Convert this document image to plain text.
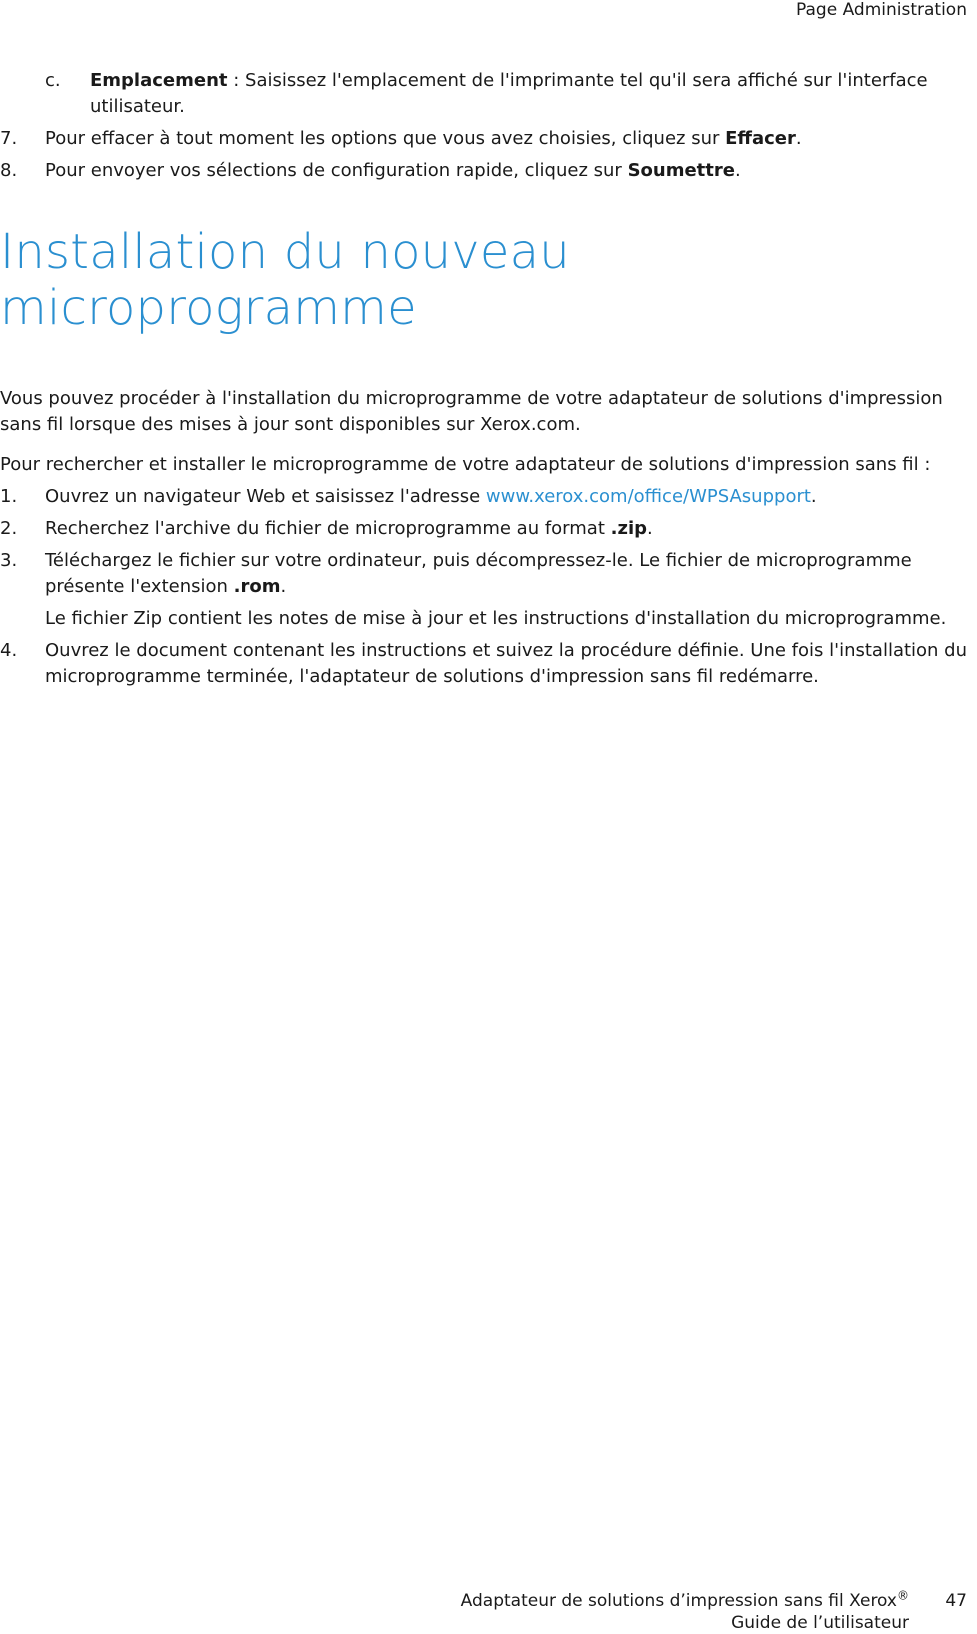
Page Administration
c.	Emplacement : Saisissez l'emplacement de l'imprimante tel qu'il sera affiché sur l'interface utilisateur.
7.	Pour effacer à tout moment les options que vous avez choisies, cliquez sur Effacer.
8.	Pour envoyer vos sélections de configuration rapide, cliquez sur Soumettre.
Installation du nouveau microprogramme

Vous pouvez procéder à l'installation du microprogramme de votre adaptateur de solutions d'impression sans fil lorsque des mises à jour sont disponibles sur Xerox.com.

Pour rechercher et installer le microprogramme de votre adaptateur de solutions d'impression sans fil :

1.	Ouvrez un navigateur Web et saisissez l'adresse www.xerox.com/office/WPSAsupport.
2.	Recherchez l'archive du fichier de microprogramme au format .zip.
3.	Téléchargez le fichier sur votre ordinateur, puis décompressez-le. Le fichier de microprogramme présente l'extension .rom.
Le fichier Zip contient les notes de mise à jour et les instructions d'installation du microprogramme.
4.	Ouvrez le document contenant les instructions et suivez la procédure définie. Une fois l'installation du microprogramme terminée, l'adaptateur de solutions d'impression sans fil redémarre.
Adaptateur de solutions d’impression sans fil Xerox®
Guide de l’utilisateur
47
